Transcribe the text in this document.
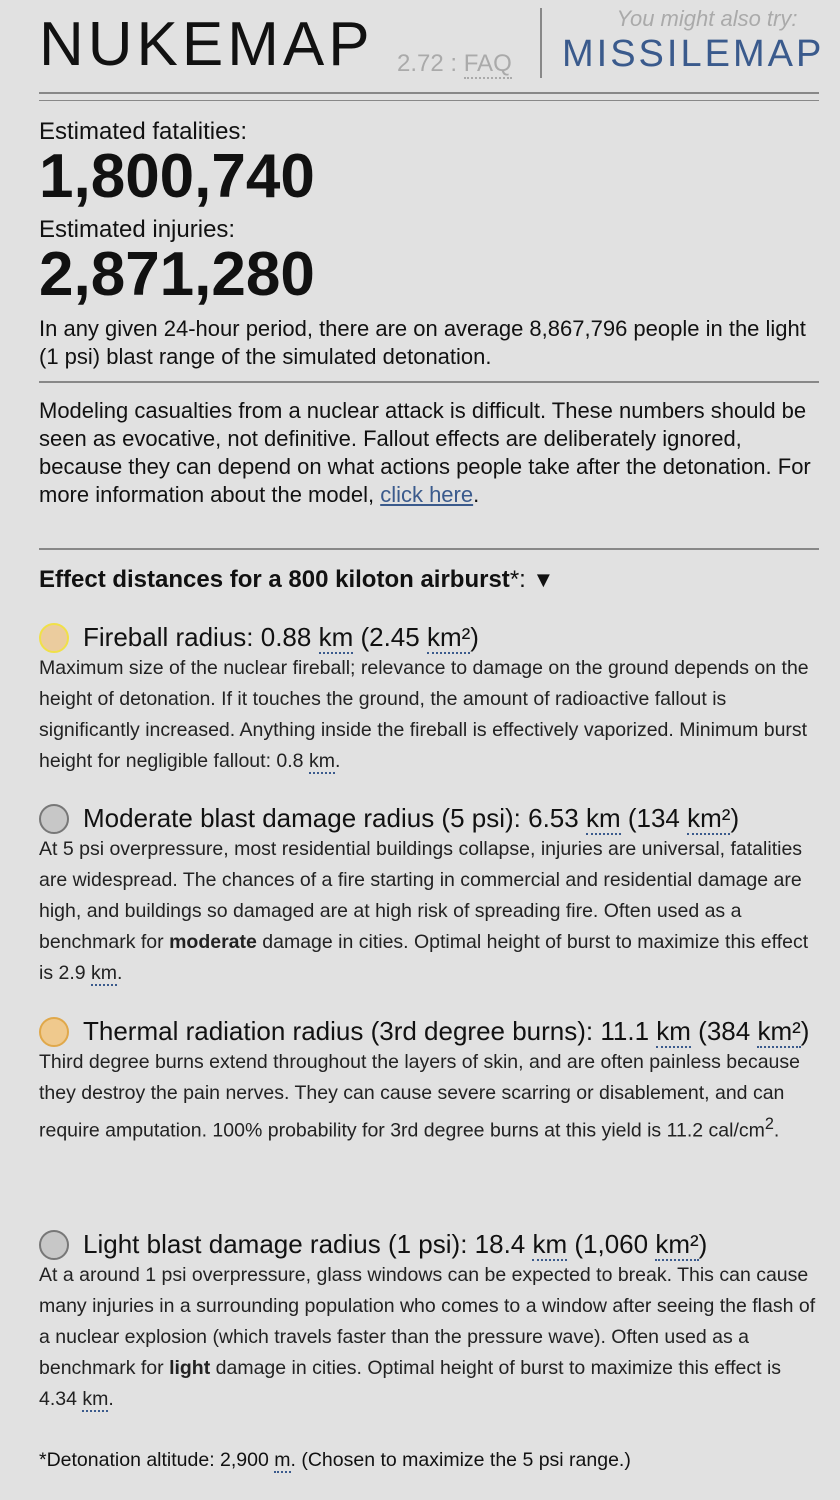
NUKEMAP 2.72 : FAQ
You might also try:
MISSILEMAP
Estimated fatalities:
1,800,740
Estimated injuries:
2,871,280
In any given 24-hour period, there are on average 8,867,796 people in the light (1 psi) blast range of the simulated detonation.
Modeling casualties from a nuclear attack is difficult. These numbers should be seen as evocative, not definitive. Fallout effects are deliberately ignored, because they can depend on what actions people take after the detonation. For more information about the model, click here.
Effect distances for a 800 kiloton airburst*: ▼
Fireball radius: 0.88 km (2.45 km²)
Maximum size of the nuclear fireball; relevance to damage on the ground depends on the height of detonation. If it touches the ground, the amount of radioactive fallout is significantly increased. Anything inside the fireball is effectively vaporized. Minimum burst height for negligible fallout: 0.8 km.
Moderate blast damage radius (5 psi): 6.53 km (134 km²)
At 5 psi overpressure, most residential buildings collapse, injuries are universal, fatalities are widespread. The chances of a fire starting in commercial and residential damage are high, and buildings so damaged are at high risk of spreading fire. Often used as a benchmark for moderate damage in cities. Optimal height of burst to maximize this effect is 2.9 km.
Thermal radiation radius (3rd degree burns): 11.1 km (384 km²)
Third degree burns extend throughout the layers of skin, and are often painless because they destroy the pain nerves. They can cause severe scarring or disablement, and can require amputation. 100% probability for 3rd degree burns at this yield is 11.2 cal/$cm^2$.
Light blast damage radius (1 psi): 18.4 km (1,060 km²)
At a around 1 psi overpressure, glass windows can be expected to break. This can cause many injuries in a surrounding population who comes to a window after seeing the flash of a nuclear explosion (which travels faster than the pressure wave). Often used as a benchmark for light damage in cities. Optimal height of burst to maximize this effect is 4.34 km.
*Detonation altitude: 2,900 m. (Chosen to maximize the 5 psi range.)
